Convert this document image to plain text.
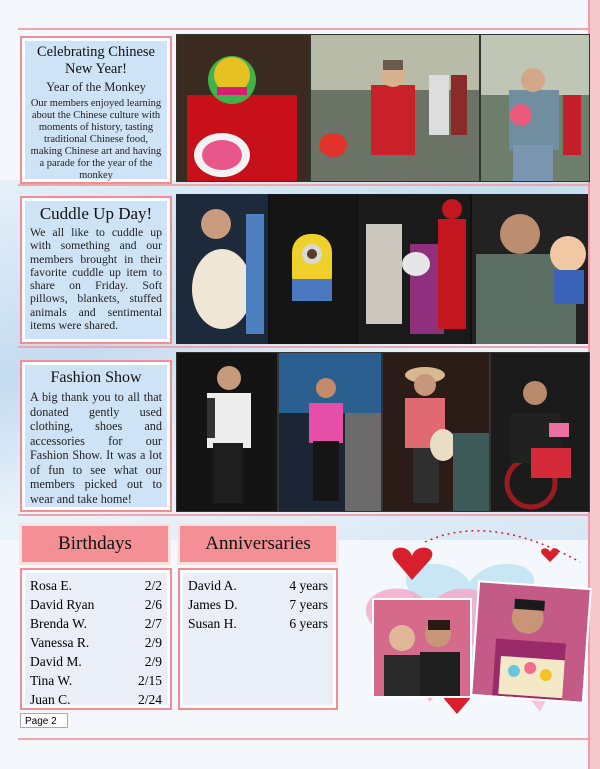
Celebrating Chinese New Year!
Year of the Monkey

Our members enjoyed learning about the Chinese culture with moments of history, tasting traditional Chinese food, making Chinese art and having a parade for the year of the monkey

Cuddle Up Day!

We all like to cuddle up with something and our members brought in their favorite cuddle up item to share on Friday. Soft pillows, blankets, stuffed animals and sentimental items were shared.

Fashion Show

A big thank you to all that donated gently used clothing, shoes and accessories for our Fashion Show. It was a lot of fun to see what our members picked out to wear and take home!

Birthdays
Rosa E.	2/2
David Ryan	2/6
Brenda W.	2/7
Vanessa R.	2/9
David M.	2/9
Tina W.	2/15
Juan C.	2/24
Anniversaries
David A.	4 years
James D.	7 years
Susan H.	6 years
Page 2
